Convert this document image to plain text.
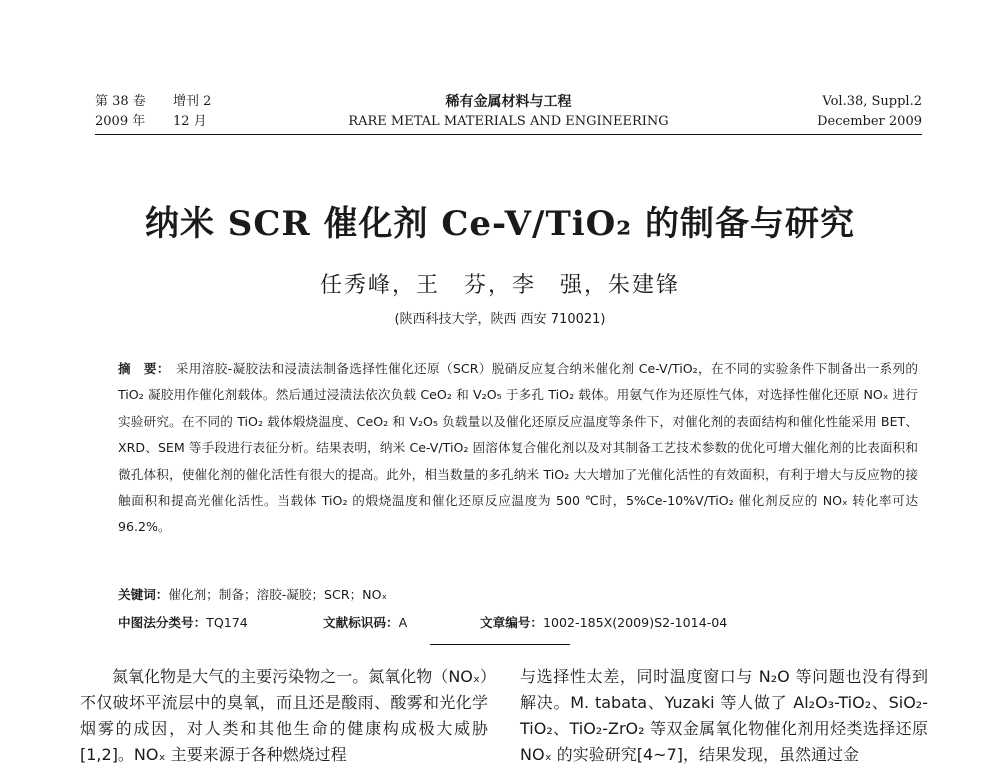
第 38 卷 增刊 2
2009 年 12 月
稀有金属材料与工程
RARE METAL MATERIALS AND ENGINEERING
Vol.38, Suppl.2
December 2009
纳米 SCR 催化剂 Ce-V/TiO₂ 的制备与研究
任秀峰，王　芬，李　强，朱建锋
(陕西科技大学，陕西 西安 710021)
摘　要： 采用溶胶-凝胶法和浸渍法制备选择性催化还原（SCR）脱硝反应复合纳米催化剂 Ce-V/TiO₂，在不同的实验条件下制备出一系列的 TiO₂ 凝胶用作催化剂载体。然后通过浸渍法依次负载 CeO₂ 和 V₂O₅ 于多孔 TiO₂ 载体。用氨气作为还原性气体，对选择性催化还原 NOₓ 进行实验研究。在不同的 TiO₂ 载体煅烧温度、CeO₂ 和 V₂O₅ 负载量以及催化还原反应温度等条件下，对催化剂的表面结构和催化性能采用 BET、XRD、SEM 等手段进行表征分析。结果表明，纳米 Ce-V/TiO₂ 固溶体复合催化剂以及对其制备工艺技术参数的优化可增大催化剂的比表面积和微孔体积，使催化剂的催化活性有很大的提高。此外，相当数量的多孔纳米 TiO₂ 大大增加了光催化活性的有效面积，有利于增大与反应物的接触面积和提高光催化活性。当载体 TiO₂ 的煅烧温度和催化还原反应温度为 500 ℃时，5%Ce-10%V/TiO₂ 催化剂反应的 NOₓ 转化率可达 96.2%。
关键词：催化剂；制备；溶胶-凝胶；SCR；NOₓ
中图法分类号：TQ174	文献标识码：A	文章编号：1002-185X(2009)S2-1014-04
氮氧化物是大气的主要污染物之一。氮氧化物（NOₓ）不仅破坏平流层中的臭氧，而且还是酸雨、酸雾和光化学烟雾的成因，对人类和其他生命的健康构成极大威胁[1,2]。NOₓ 主要来源于各种燃烧过程
与选择性太差，同时温度窗口与 N₂O 等问题也没有得到解决。M. tabata、Yuzaki 等人做了 Al₂O₃-TiO₂、SiO₂-TiO₂、TiO₂-ZrO₂ 等双金属氧化物催化剂用烃类选择还原 NOₓ 的实验研究[4~7]，结果发现，虽然通过金
